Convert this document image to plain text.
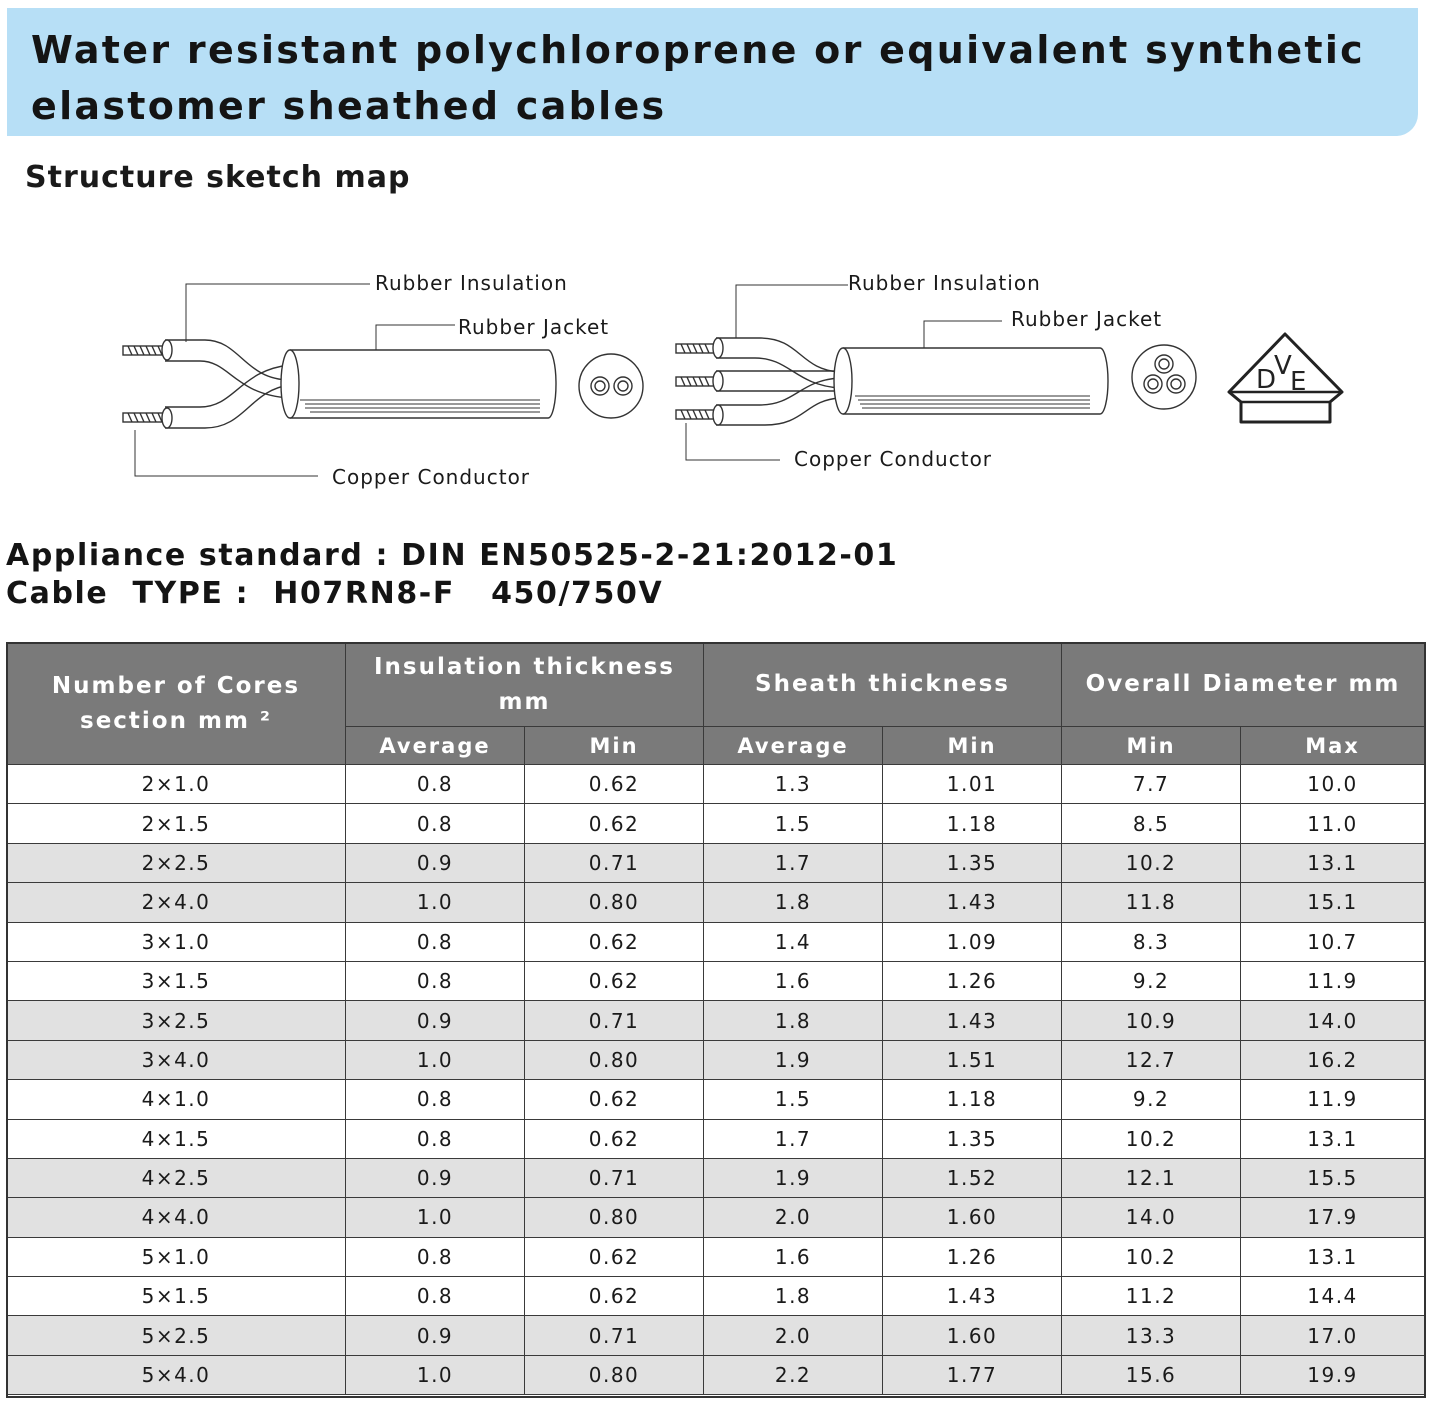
Water resistant polychloroprene or equivalent synthetic elastomer sheathed cables
Structure sketch map
Rubber Insulation
Rubber Jacket
Copper Conductor
Rubber Insulation
Rubber Jacket
Copper Conductor
D
V
E
Appliance standard : DIN EN50525-2-21:2012-01
Cable  TYPE :  H07RN8-F   450/750V
Number of Cores section mm ²	Insulation thickness mm		Sheath thickness		Overall Diameter mm	
	Average	Min	Average	Min	Min	Max
2×1.0	0.8	0.62	1.3	1.01	7.7	10.0
2×1.5	0.8	0.62	1.5	1.18	8.5	11.0
2×2.5	0.9	0.71	1.7	1.35	10.2	13.1
2×4.0	1.0	0.80	1.8	1.43	11.8	15.1
3×1.0	0.8	0.62	1.4	1.09	8.3	10.7
3×1.5	0.8	0.62	1.6	1.26	9.2	11.9
3×2.5	0.9	0.71	1.8	1.43	10.9	14.0
3×4.0	1.0	0.80	1.9	1.51	12.7	16.2
4×1.0	0.8	0.62	1.5	1.18	9.2	11.9
4×1.5	0.8	0.62	1.7	1.35	10.2	13.1
4×2.5	0.9	0.71	1.9	1.52	12.1	15.5
4×4.0	1.0	0.80	2.0	1.60	14.0	17.9
5×1.0	0.8	0.62	1.6	1.26	10.2	13.1
5×1.5	0.8	0.62	1.8	1.43	11.2	14.4
5×2.5	0.9	0.71	2.0	1.60	13.3	17.0
5×4.0	1.0	0.80	2.2	1.77	15.6	19.9
